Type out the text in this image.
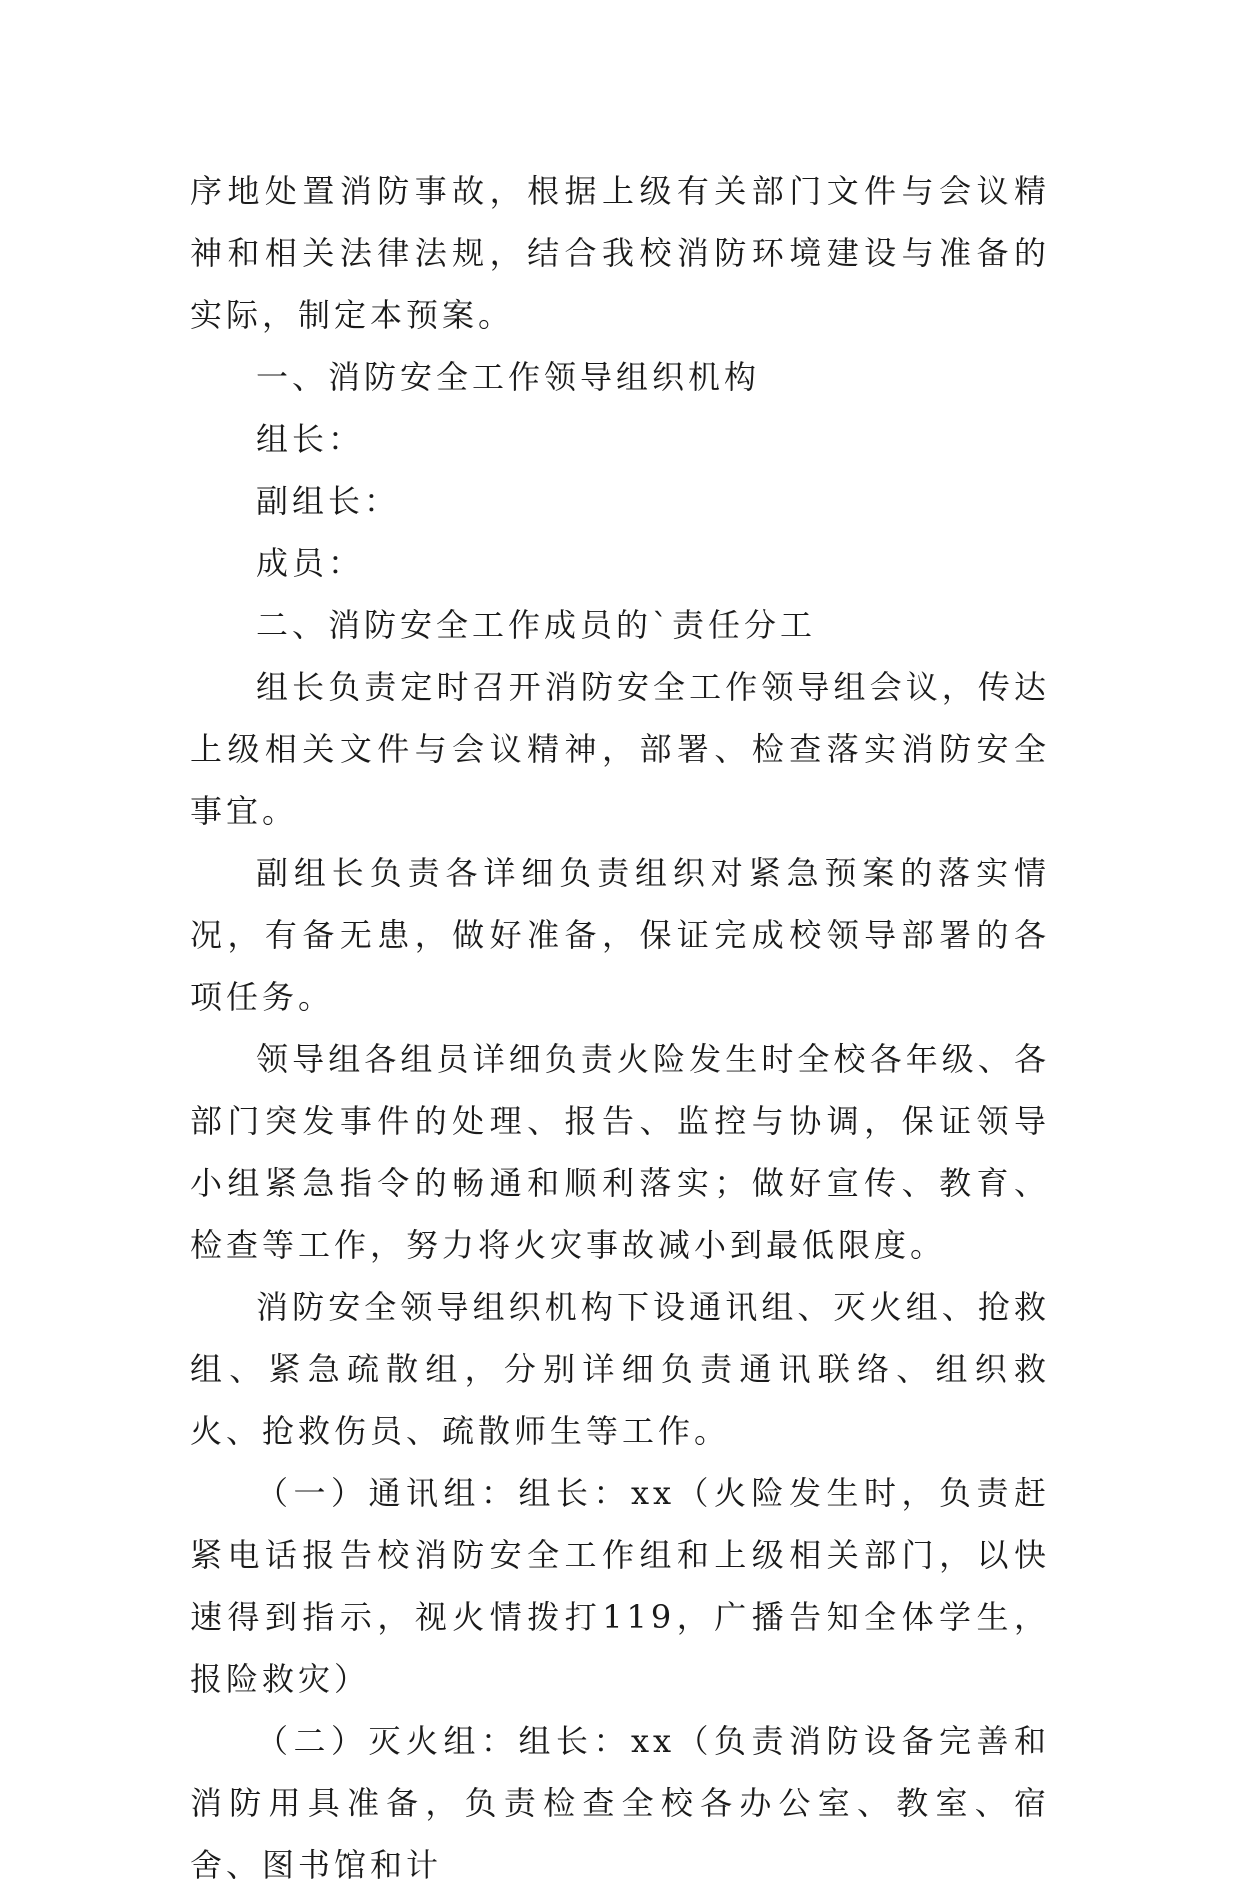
序地处置消防事故，根据上级有关部门文件与会议精神和相关法律法规，结合我校消防环境建设与准备的实际，制定本预案。

一、消防安全工作领导组织机构

组长：

副组长：

成员：

二、消防安全工作成员的`责任分工

组长负责定时召开消防安全工作领导组会议，传达上级相关文件与会议精神，部署、检查落实消防安全事宜。

副组长负责各详细负责组织对紧急预案的落实情况，有备无患，做好准备，保证完成校领导部署的各项任务。

领导组各组员详细负责火险发生时全校各年级、各部门突发事件的处理、报告、监控与协调，保证领导小组紧急指令的畅通和顺利落实；做好宣传、教育、检查等工作，努力将火灾事故减小到最低限度。

消防安全领导组织机构下设通讯组、灭火组、抢救组、紧急疏散组，分别详细负责通讯联络、组织救火、抢救伤员、疏散师生等工作。

（一）通讯组：组长：xx（火险发生时，负责赶紧电话报告校消防安全工作组和上级相关部门，以快速得到指示，视火情拨打119，广播告知全体学生，报险救灾）

（二）灭火组：组长：xx（负责消防设备完善和消防用具准备，负责检查全校各办公室、教室、宿舍、图书馆和计
